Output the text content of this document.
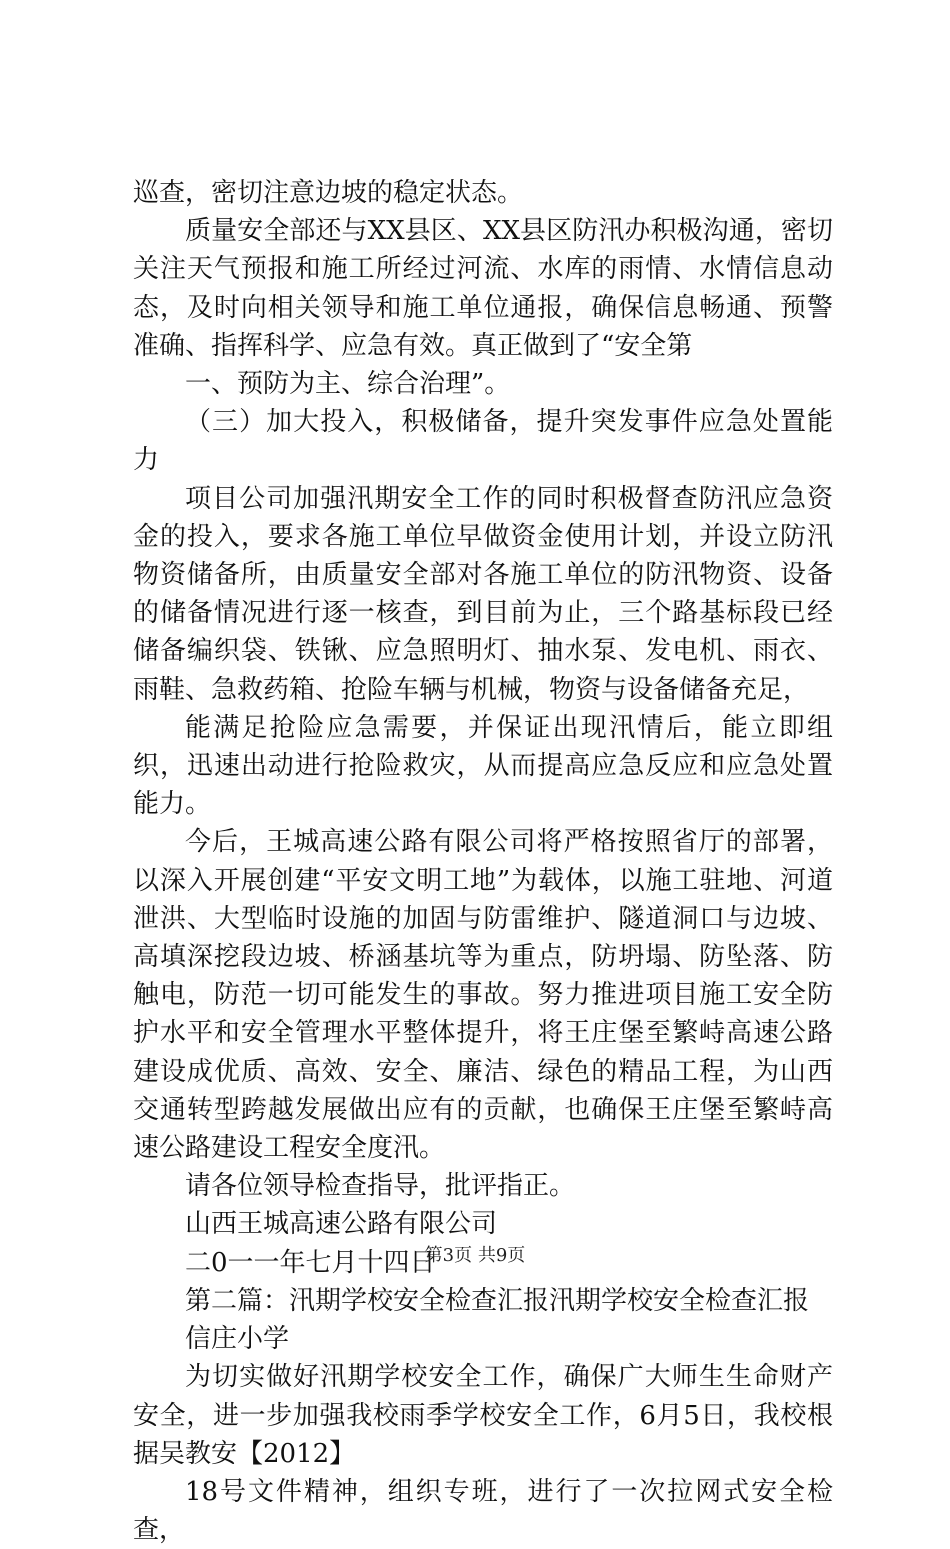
巡查，密切注意边坡的稳定状态。

质量安全部还与XX县区、XX县区防汛办积极沟通，密切关注天气预报和施工所经过河流、水库的雨情、水情信息动态，及时向相关领导和施工单位通报，确保信息畅通、预警准确、指挥科学、应急有效。真正做到了“安全第

一、预防为主、综合治理”。

（三）加大投入，积极储备，提升突发事件应急处置能力

项目公司加强汛期安全工作的同时积极督查防汛应急资金的投入，要求各施工单位早做资金使用计划，并设立防汛物资储备所，由质量安全部对各施工单位的防汛物资、设备的储备情况进行逐一核查，到目前为止，三个路基标段已经储备编织袋、铁锹、应急照明灯、抽水泵、发电机、雨衣、雨鞋、急救药箱、抢险车辆与机械，物资与设备储备充足，

能满足抢险应急需要，并保证出现汛情后，能立即组织，迅速出动进行抢险救灾，从而提高应急反应和应急处置能力。

今后，王城高速公路有限公司将严格按照省厅的部署，以深入开展创建“平安文明工地”为载体，以施工驻地、河道泄洪、大型临时设施的加固与防雷维护、隧道洞口与边坡、高填深挖段边坡、桥涵基坑等为重点，防坍塌、防坠落、防触电，防范一切可能发生的事故。努力推进项目施工安全防护水平和安全管理水平整体提升，将王庄堡至繁峙高速公路建设成优质、高效、安全、廉洁、绿色的精品工程，为山西交通转型跨越发展做出应有的贡献，也确保王庄堡至繁峙高速公路建设工程安全度汛。

请各位领导检查指导，批评指正。

山西王城高速公路有限公司

二0一一年七月十四日

第二篇：汛期学校安全检查汇报汛期学校安全检查汇报

信庄小学

为切实做好汛期学校安全工作，确保广大师生生命财产安全，进一步加强我校雨季学校安全工作，6月5日，我校根据吴教安【2012】

18号文件精神，组织专班，进行了一次拉网式安全检查，

第3页 共9页
